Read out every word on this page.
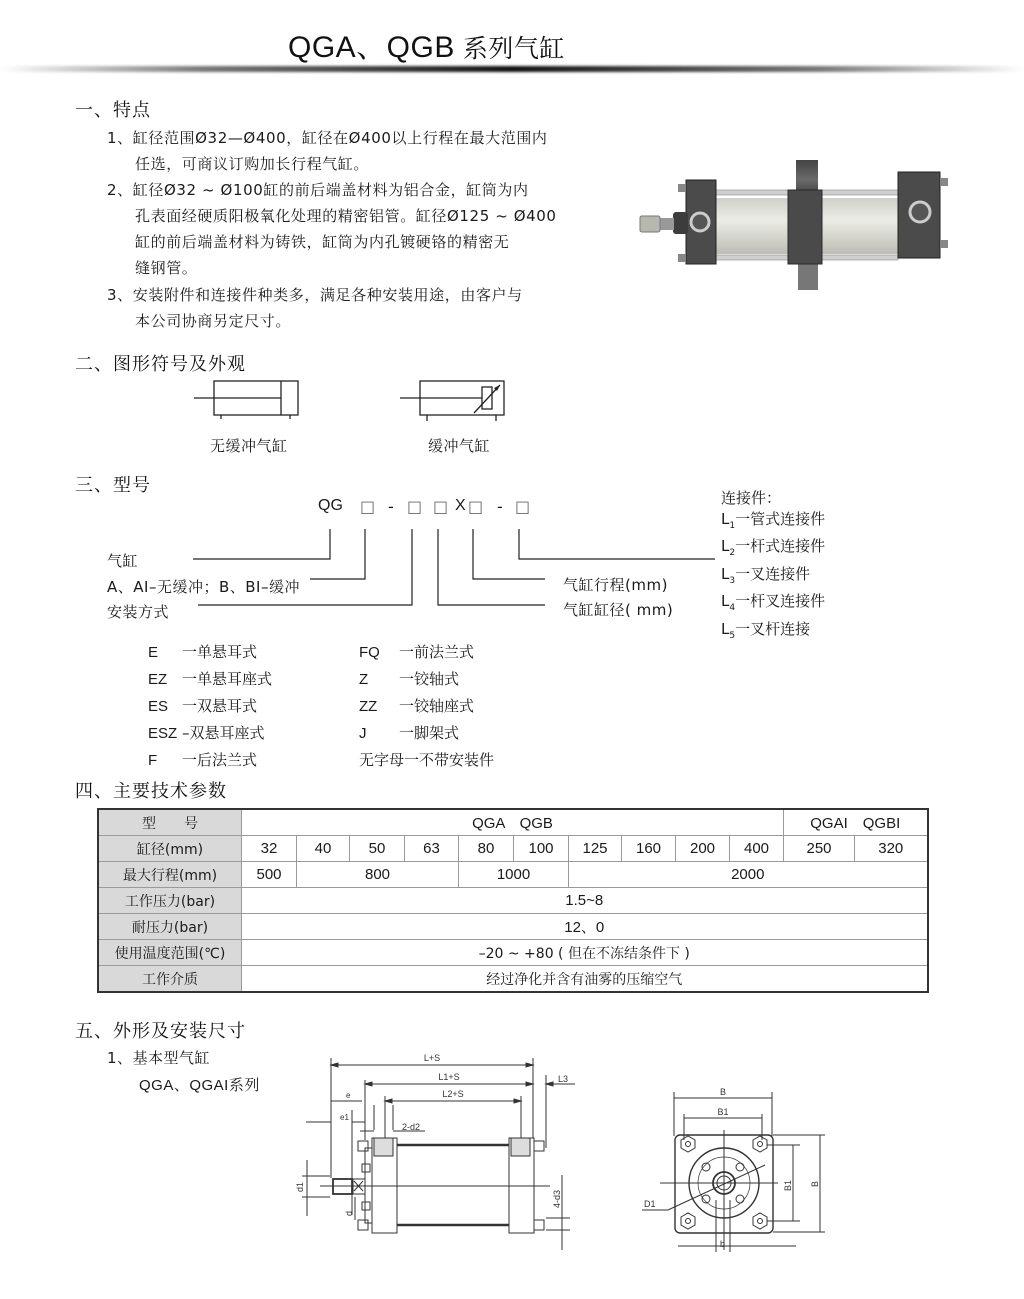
QGA、QGB 系列气缸
一、特点
1、缸径范围Ø32—Ø400，缸径在Ø400以上行程在最大范围内
任选，可商议订购加长行程气缸。
2、缸径Ø32 ~ Ø100缸的前后端盖材料为铝合金，缸筒为内
孔表面经硬质阳极氧化处理的精密铝管。缸径Ø125 ~ Ø400
缸的前后端盖材料为铸铁，缸筒为内孔镀硬铬的精密无
缝钢管。
3、安装附件和连接件种类多，满足各种安装用途，由客户与
本公司协商另定尺寸。
二、图形符号及外观
无缓冲气缸	缓冲气缸
三、型号
QG □ - □ □ X □ - □
气缸
A、AI–无缓冲；B、BI–缓冲
安装方式
气缸行程(mm)
气缸缸径( mm)
连接件：
$L_1$一管式连接件
$L_2$一杆式连接件
$L_3$一叉连接件
$L_4$一杆叉连接件
$L_5$一叉杆连接
E 一单悬耳式
EZ 一单悬耳座式
ES 一双悬耳式
ESZ –双悬耳座式
F 一后法兰式
FQ 一前法兰式
Z 一铰轴式
ZZ 一铰轴座式
J 一脚架式
无字母一不带安装件
四、主要技术参数
型　　号	QGA　QGB										QGAI　QGBI	
缸径(mm)	32	40	50	63	80	100	125	160	200	400	250	320
最大行程(mm)	500	800			1000		2000					
工作压力(bar)	1.5~8											
耐压力(bar)	12、0											
使用温度范围(℃)	–20 ~ +80 ( 但在不冻结条件下 )											
工作介质	经过净化并含有油雾的压缩空气											
五、外形及安装尺寸
1、基本型气缸
QGA、QGAI系列
L+S
L1+S
L2+S
L3
e
e1
2-d2
d1
d
4-d3
B
B1
B1 B
D1
b
